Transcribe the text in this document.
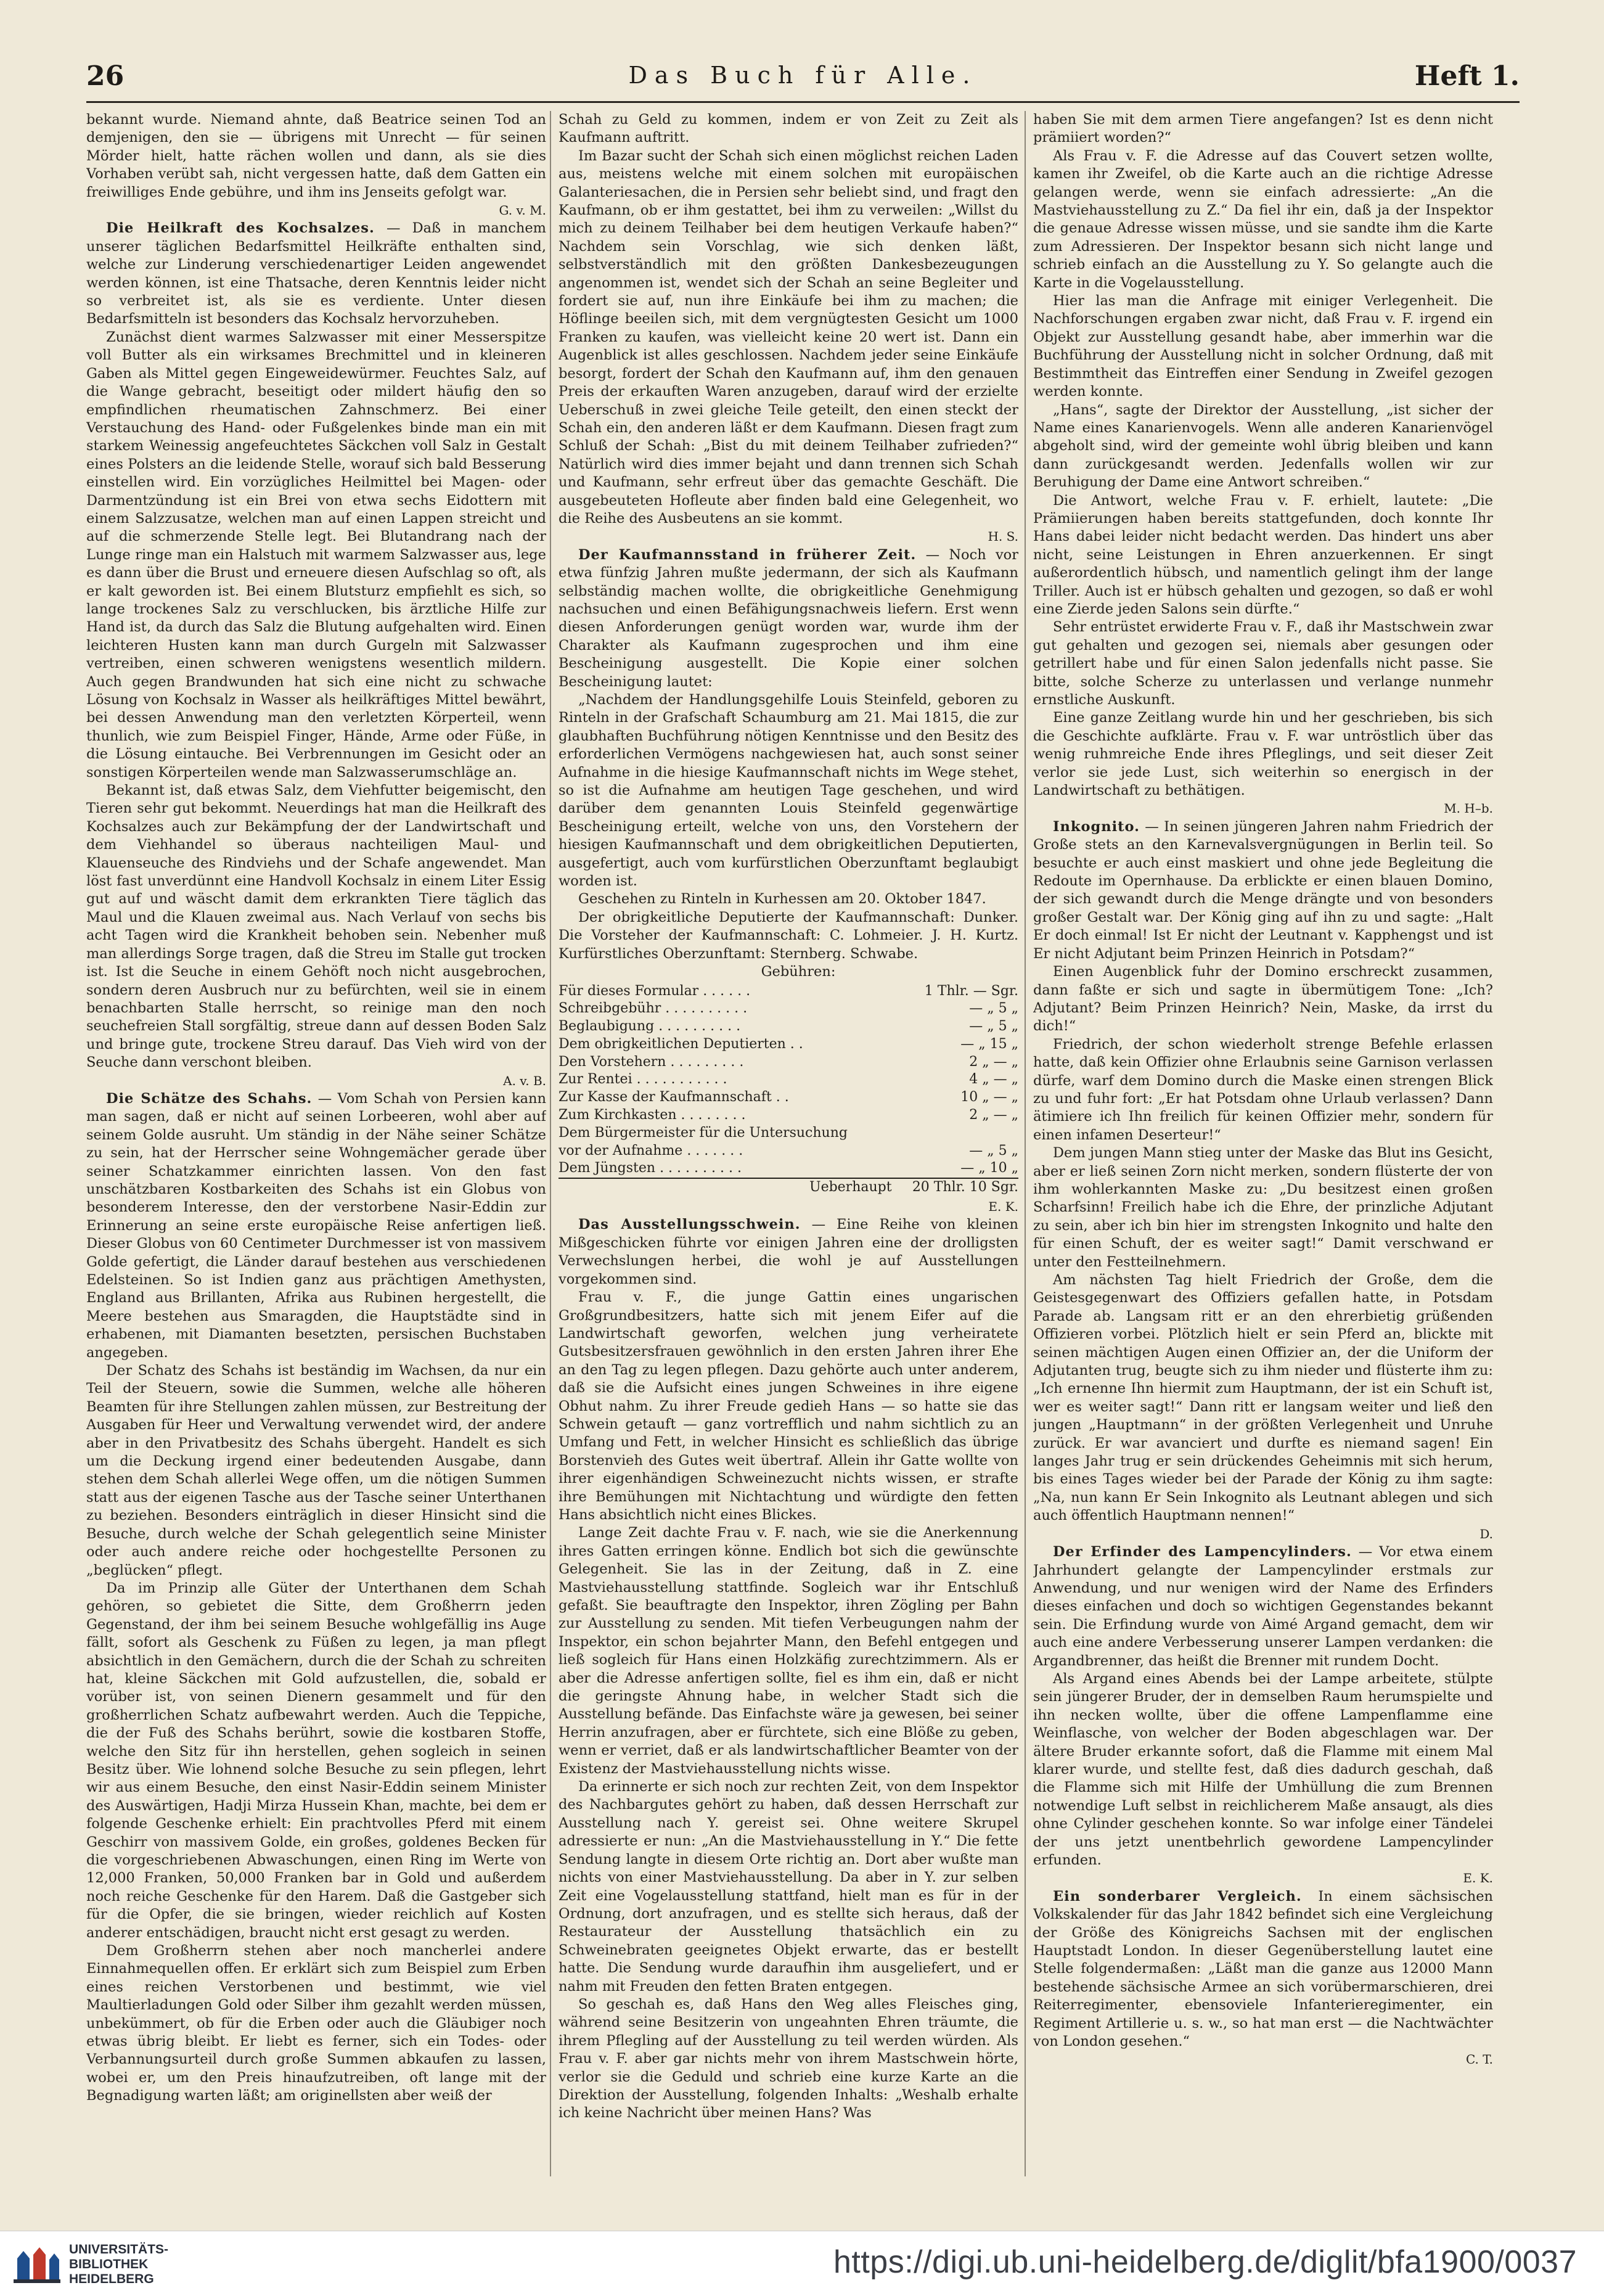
26	Das Buch für Alle.	Heft 1.

bekannt wurde. Niemand ahnte, daß Beatrice seinen Tod an demjenigen, den sie — übrigens mit Unrecht — für seinen Mörder hielt, hatte rächen wollen und dann, als sie dies Vorhaben verübt sah, nicht vergessen hatte, daß dem Gatten ein freiwilliges Ende gebühre, und ihm ins Jenseits gefolgt war.
G. v. M.

Die Heilkraft des Kochsalzes. — Daß in manchem unserer täglichen Bedarfsmittel Heilkräfte enthalten sind, welche zur Linderung verschiedenartiger Leiden angewendet werden können, ist eine Thatsache, deren Kenntnis leider nicht so verbreitet ist, als sie es verdiente. Unter diesen Bedarfsmitteln ist besonders das Kochsalz hervorzuheben.

Zunächst dient warmes Salzwasser mit einer Messerspitze voll Butter als ein wirksames Brechmittel und in kleineren Gaben als Mittel gegen Eingeweidewürmer. Feuchtes Salz, auf die Wange gebracht, beseitigt oder mildert häufig den so empfindlichen rheumatischen Zahnschmerz. Bei einer Verstauchung des Hand- oder Fußgelenkes binde man ein mit starkem Weinessig angefeuchtetes Säckchen voll Salz in Gestalt eines Polsters an die leidende Stelle, worauf sich bald Besserung einstellen wird. Ein vorzügliches Heilmittel bei Magen- oder Darmentzündung ist ein Brei von etwa sechs Eidottern mit einem Salzzusatze, welchen man auf einen Lappen streicht und auf die schmerzende Stelle legt. Bei Blutandrang nach der Lunge ringe man ein Halstuch mit warmem Salzwasser aus, lege es dann über die Brust und erneuere diesen Aufschlag so oft, als er kalt geworden ist. Bei einem Blutsturz empfiehlt es sich, so lange trockenes Salz zu verschlucken, bis ärztliche Hilfe zur Hand ist, da durch das Salz die Blutung aufgehalten wird. Einen leichteren Husten kann man durch Gurgeln mit Salzwasser vertreiben, einen schweren wenigstens wesentlich mildern. Auch gegen Brandwunden hat sich eine nicht zu schwache Lösung von Kochsalz in Wasser als heilkräftiges Mittel bewährt, bei dessen Anwendung man den verletzten Körperteil, wenn thunlich, wie zum Beispiel Finger, Hände, Arme oder Füße, in die Lösung eintauche. Bei Verbrennungen im Gesicht oder an sonstigen Körperteilen wende man Salzwasserumschläge an.

Bekannt ist, daß etwas Salz, dem Viehfutter beigemischt, den Tieren sehr gut bekommt. Neuerdings hat man die Heilkraft des Kochsalzes auch zur Bekämpfung der der Landwirtschaft und dem Viehhandel so überaus nachteiligen Maul- und Klauenseuche des Rindviehs und der Schafe angewendet. Man löst fast unverdünnt eine Handvoll Kochsalz in einem Liter Essig gut auf und wäscht damit dem erkrankten Tiere täglich das Maul und die Klauen zweimal aus. Nach Verlauf von sechs bis acht Tagen wird die Krankheit behoben sein. Nebenher muß man allerdings Sorge tragen, daß die Streu im Stalle gut trocken ist. Ist die Seuche in einem Gehöft noch nicht ausgebrochen, sondern deren Ausbruch nur zu befürchten, weil sie in einem benachbarten Stalle herrscht, so reinige man den noch seuchefreien Stall sorgfältig, streue dann auf dessen Boden Salz und bringe gute, trockene Streu darauf. Das Vieh wird von der Seuche dann verschont bleiben.
A. v. B.

Die Schätze des Schahs. — Vom Schah von Persien kann man sagen, daß er nicht auf seinen Lorbeeren, wohl aber auf seinem Golde ausruht. Um ständig in der Nähe seiner Schätze zu sein, hat der Herrscher seine Wohngemächer gerade über seiner Schatzkammer einrichten lassen. Von den fast unschätzbaren Kostbarkeiten des Schahs ist ein Globus von besonderem Interesse, den der verstorbene Nasir-Eddin zur Erinnerung an seine erste europäische Reise anfertigen ließ. Dieser Globus von 60 Centimeter Durchmesser ist von massivem Golde gefertigt, die Länder darauf bestehen aus verschiedenen Edelsteinen. So ist Indien ganz aus prächtigen Amethysten, England aus Brillanten, Afrika aus Rubinen hergestellt, die Meere bestehen aus Smaragden, die Hauptstädte sind in erhabenen, mit Diamanten besetzten, persischen Buchstaben angegeben.

Der Schatz des Schahs ist beständig im Wachsen, da nur ein Teil der Steuern, sowie die Summen, welche alle höheren Beamten für ihre Stellungen zahlen müssen, zur Bestreitung der Ausgaben für Heer und Verwaltung verwendet wird, der andere aber in den Privatbesitz des Schahs übergeht. Handelt es sich um die Deckung irgend einer bedeutenden Ausgabe, dann stehen dem Schah allerlei Wege offen, um die nötigen Summen statt aus der eigenen Tasche aus der Tasche seiner Unterthanen zu beziehen. Besonders einträglich in dieser Hinsicht sind die Besuche, durch welche der Schah gelegentlich seine Minister oder auch andere reiche oder hochgestellte Personen zu „beglücken“ pflegt.

Da im Prinzip alle Güter der Unterthanen dem Schah gehören, so gebietet die Sitte, dem Großherrn jeden Gegenstand, der ihm bei seinem Besuche wohlgefällig ins Auge fällt, sofort als Geschenk zu Füßen zu legen, ja man pflegt absichtlich in den Gemächern, durch die der Schah zu schreiten hat, kleine Säckchen mit Gold aufzustellen, die, sobald er vorüber ist, von seinen Dienern gesammelt und für den großherrlichen Schatz aufbewahrt werden. Auch die Teppiche, die der Fuß des Schahs berührt, sowie die kostbaren Stoffe, welche den Sitz für ihn herstellen, gehen sogleich in seinen Besitz über. Wie lohnend solche Besuche zu sein pflegen, lehrt wir aus einem Besuche, den einst Nasir-Eddin seinem Minister des Auswärtigen, Hadji Mirza Hussein Khan, machte, bei dem er folgende Geschenke erhielt: Ein prachtvolles Pferd mit einem Geschirr von massivem Golde, ein großes, goldenes Becken für die vorgeschriebenen Abwaschungen, einen Ring im Werte von 12,000 Franken, 50,000 Franken bar in Gold und außerdem noch reiche Geschenke für den Harem. Daß die Gastgeber sich für die Opfer, die sie bringen, wieder reichlich auf Kosten anderer entschädigen, braucht nicht erst gesagt zu werden.

Dem Großherrn stehen aber noch mancherlei andere Einnahmequellen offen. Er erklärt sich zum Beispiel zum Erben eines reichen Verstorbenen und bestimmt, wie viel Maultierladungen Gold oder Silber ihm gezahlt werden müssen, unbekümmert, ob für die Erben oder auch die Gläubiger noch etwas übrig bleibt. Er liebt es ferner, sich ein Todes- oder Verbannungsurteil durch große Summen abkaufen zu lassen, wobei er, um den Preis hinaufzutreiben, oft lange mit der Begnadigung warten läßt; am originellsten aber weiß der

Schah zu Geld zu kommen, indem er von Zeit zu Zeit als Kaufmann auftritt.

Im Bazar sucht der Schah sich einen möglichst reichen Laden aus, meistens welche mit einem solchen mit europäischen Galanteriesachen, die in Persien sehr beliebt sind, und fragt den Kaufmann, ob er ihm gestattet, bei ihm zu verweilen: „Willst du mich zu deinem Teilhaber bei dem heutigen Verkaufe haben?“ Nachdem sein Vorschlag, wie sich denken läßt, selbstverständlich mit den größten Dankesbezeugungen angenommen ist, wendet sich der Schah an seine Begleiter und fordert sie auf, nun ihre Einkäufe bei ihm zu machen; die Höflinge beeilen sich, mit dem vergnügtesten Gesicht um 1000 Franken zu kaufen, was vielleicht keine 20 wert ist. Dann ein Augenblick ist alles geschlossen. Nachdem jeder seine Einkäufe besorgt, fordert der Schah den Kaufmann auf, ihm den genauen Preis der erkauften Waren anzugeben, darauf wird der erzielte Ueberschuß in zwei gleiche Teile geteilt, den einen steckt der Schah ein, den anderen läßt er dem Kaufmann. Diesen fragt zum Schluß der Schah: „Bist du mit deinem Teilhaber zufrieden?“ Natürlich wird dies immer bejaht und dann trennen sich Schah und Kaufmann, sehr erfreut über das gemachte Geschäft. Die ausgebeuteten Hofleute aber finden bald eine Gelegenheit, wo die Reihe des Ausbeutens an sie kommt.
H. S.

Der Kaufmannsstand in früherer Zeit. — Noch vor etwa fünfzig Jahren mußte jedermann, der sich als Kaufmann selbständig machen wollte, die obrigkeitliche Genehmigung nachsuchen und einen Befähigungsnachweis liefern. Erst wenn diesen Anforderungen genügt worden war, wurde ihm der Charakter als Kaufmann zugesprochen und ihm eine Bescheinigung ausgestellt. Die Kopie einer solchen Bescheinigung lautet:

„Nachdem der Handlungsgehilfe Louis Steinfeld, geboren zu Rinteln in der Grafschaft Schaumburg am 21. Mai 1815, die zur glaubhaften Buchführung nötigen Kenntnisse und den Besitz des erforderlichen Vermögens nachgewiesen hat, auch sonst seiner Aufnahme in die hiesige Kaufmannschaft nichts im Wege stehet, so ist die Aufnahme am heutigen Tage geschehen, und wird darüber dem genannten Louis Steinfeld gegenwärtige Bescheinigung erteilt, welche von uns, den Vorstehern der hiesigen Kaufmannschaft und dem obrigkeitlichen Deputierten, ausgefertigt, auch vom kurfürstlichen Oberzunftamt beglaubigt worden ist.

Geschehen zu Rinteln in Kurhessen am 20. Oktober 1847.

Der obrigkeitliche Deputierte der Kaufmannschaft: Dunker. Die Vorsteher der Kaufmannschaft: C. Lohmeier. J. H. Kurtz. Kurfürstliches Oberzunftamt: Sternberg. Schwabe.

Gebühren:

Für dieses Formular . . . . . .	1 Thlr. — Sgr.
Schreibgebühr . . . . . . . . . .	— „ 5 „
Beglaubigung . . . . . . . . . .	— „ 5 „
Dem obrigkeitlichen Deputierten . .	— „ 15 „
Den Vorstehern . . . . . . . . .	2 „ — „
Zur Rentei . . . . . . . . . . .	4 „ — „
Zur Kasse der Kaufmannschaft . .	10 „ — „
Zum Kirchkasten . . . . . . . .	2 „ — „
Dem Bürgermeister für die Untersuchung	
vor der Aufnahme . . . . . . .	— „ 5 „
Dem Jüngsten . . . . . . . . . .	— „ 10 „
Ueberhaupt	20 Thlr. 10 Sgr.
E. K.

Das Ausstellungsschwein. — Eine Reihe von kleinen Mißgeschicken führte vor einigen Jahren eine der drolligsten Verwechslungen herbei, die wohl je auf Ausstellungen vorgekommen sind.

Frau v. F., die junge Gattin eines ungarischen Großgrundbesitzers, hatte sich mit jenem Eifer auf die Landwirtschaft geworfen, welchen jung verheiratete Gutsbesitzersfrauen gewöhnlich in den ersten Jahren ihrer Ehe an den Tag zu legen pflegen. Dazu gehörte auch unter anderem, daß sie die Aufsicht eines jungen Schweines in ihre eigene Obhut nahm. Zu ihrer Freude gedieh Hans — so hatte sie das Schwein getauft — ganz vortrefflich und nahm sichtlich zu an Umfang und Fett, in welcher Hinsicht es schließlich das übrige Borstenvieh des Gutes weit übertraf. Allein ihr Gatte wollte von ihrer eigenhändigen Schweinezucht nichts wissen, er strafte ihre Bemühungen mit Nichtachtung und würdigte den fetten Hans absichtlich nicht eines Blickes.

Lange Zeit dachte Frau v. F. nach, wie sie die Anerkennung ihres Gatten erringen könne. Endlich bot sich die gewünschte Gelegenheit. Sie las in der Zeitung, daß in Z. eine Mastviehausstellung stattfinde. Sogleich war ihr Entschluß gefaßt. Sie beauftragte den Inspektor, ihren Zögling per Bahn zur Ausstellung zu senden. Mit tiefen Verbeugungen nahm der Inspektor, ein schon bejahrter Mann, den Befehl entgegen und ließ sogleich für Hans einen Holzkäfig zurechtzimmern. Als er aber die Adresse anfertigen sollte, fiel es ihm ein, daß er nicht die geringste Ahnung habe, in welcher Stadt sich die Ausstellung befände. Das Einfachste wäre ja gewesen, bei seiner Herrin anzufragen, aber er fürchtete, sich eine Blöße zu geben, wenn er verriet, daß er als landwirtschaftlicher Beamter von der Existenz der Mastviehausstellung nichts wisse.

Da erinnerte er sich noch zur rechten Zeit, von dem Inspektor des Nachbargutes gehört zu haben, daß dessen Herrschaft zur Ausstellung nach Y. gereist sei. Ohne weitere Skrupel adressierte er nun: „An die Mastviehausstellung in Y.“ Die fette Sendung langte in diesem Orte richtig an. Dort aber wußte man nichts von einer Mastviehausstellung. Da aber in Y. zur selben Zeit eine Vogelausstellung stattfand, hielt man es für in der Ordnung, dort anzufragen, und es stellte sich heraus, daß der Restaurateur der Ausstellung thatsächlich ein zu Schweinebraten geeignetes Objekt erwarte, das er bestellt hatte. Die Sendung wurde daraufhin ihm ausgeliefert, und er nahm mit Freuden den fetten Braten entgegen.

So geschah es, daß Hans den Weg alles Fleisches ging, während seine Besitzerin von ungeahnten Ehren träumte, die ihrem Pflegling auf der Ausstellung zu teil werden würden. Als Frau v. F. aber gar nichts mehr von ihrem Mastschwein hörte, verlor sie die Geduld und schrieb eine kurze Karte an die Direktion der Ausstellung, folgenden Inhalts: „Weshalb erhalte ich keine Nachricht über meinen Hans? Was

haben Sie mit dem armen Tiere angefangen? Ist es denn nicht prämiiert worden?“

Als Frau v. F. die Adresse auf das Couvert setzen wollte, kamen ihr Zweifel, ob die Karte auch an die richtige Adresse gelangen werde, wenn sie einfach adressierte: „An die Mastviehausstellung zu Z.“ Da fiel ihr ein, daß ja der Inspektor die genaue Adresse wissen müsse, und sie sandte ihm die Karte zum Adressieren. Der Inspektor besann sich nicht lange und schrieb einfach an die Ausstellung zu Y. So gelangte auch die Karte in die Vogelausstellung.

Hier las man die Anfrage mit einiger Verlegenheit. Die Nachforschungen ergaben zwar nicht, daß Frau v. F. irgend ein Objekt zur Ausstellung gesandt habe, aber immerhin war die Buchführung der Ausstellung nicht in solcher Ordnung, daß mit Bestimmtheit das Eintreffen einer Sendung in Zweifel gezogen werden konnte.

„Hans“, sagte der Direktor der Ausstellung, „ist sicher der Name eines Kanarienvogels. Wenn alle anderen Kanarienvögel abgeholt sind, wird der gemeinte wohl übrig bleiben und kann dann zurückgesandt werden. Jedenfalls wollen wir zur Beruhigung der Dame eine Antwort schreiben.“

Die Antwort, welche Frau v. F. erhielt, lautete: „Die Prämiierungen haben bereits stattgefunden, doch konnte Ihr Hans dabei leider nicht bedacht werden. Das hindert uns aber nicht, seine Leistungen in Ehren anzuerkennen. Er singt außerordentlich hübsch, und namentlich gelingt ihm der lange Triller. Auch ist er hübsch gehalten und gezogen, so daß er wohl eine Zierde jeden Salons sein dürfte.“

Sehr entrüstet erwiderte Frau v. F., daß ihr Mastschwein zwar gut gehalten und gezogen sei, niemals aber gesungen oder getrillert habe und für einen Salon jedenfalls nicht passe. Sie bitte, solche Scherze zu unterlassen und verlange nunmehr ernstliche Auskunft.

Eine ganze Zeitlang wurde hin und her geschrieben, bis sich die Geschichte aufklärte. Frau v. F. war untröstlich über das wenig ruhmreiche Ende ihres Pfleglings, und seit dieser Zeit verlor sie jede Lust, sich weiterhin so energisch in der Landwirtschaft zu bethätigen.
M. H–b.

Inkognito. — In seinen jüngeren Jahren nahm Friedrich der Große stets an den Karnevalsvergnügungen in Berlin teil. So besuchte er auch einst maskiert und ohne jede Begleitung die Redoute im Opernhause. Da erblickte er einen blauen Domino, der sich gewandt durch die Menge drängte und von besonders großer Gestalt war. Der König ging auf ihn zu und sagte: „Halt Er doch einmal! Ist Er nicht der Leutnant v. Kapphengst und ist Er nicht Adjutant beim Prinzen Heinrich in Potsdam?“

Einen Augenblick fuhr der Domino erschreckt zusammen, dann faßte er sich und sagte in übermütigem Tone: „Ich? Adjutant? Beim Prinzen Heinrich? Nein, Maske, da irrst du dich!“

Friedrich, der schon wiederholt strenge Befehle erlassen hatte, daß kein Offizier ohne Erlaubnis seine Garnison verlassen dürfe, warf dem Domino durch die Maske einen strengen Blick zu und fuhr fort: „Er hat Potsdam ohne Urlaub verlassen? Dann ätimiere ich Ihn freilich für keinen Offizier mehr, sondern für einen infamen Deserteur!“

Dem jungen Mann stieg unter der Maske das Blut ins Gesicht, aber er ließ seinen Zorn nicht merken, sondern flüsterte der von ihm wohlerkannten Maske zu: „Du besitzest einen großen Scharfsinn! Freilich habe ich die Ehre, der prinzliche Adjutant zu sein, aber ich bin hier im strengsten Inkognito und halte den für einen Schuft, der es weiter sagt!“ Damit verschwand er unter den Festteilnehmern.

Am nächsten Tag hielt Friedrich der Große, dem die Geistesgegenwart des Offiziers gefallen hatte, in Potsdam Parade ab. Langsam ritt er an den ehrerbietig grüßenden Offizieren vorbei. Plötzlich hielt er sein Pferd an, blickte mit seinen mächtigen Augen einen Offizier an, der die Uniform der Adjutanten trug, beugte sich zu ihm nieder und flüsterte ihm zu: „Ich ernenne Ihn hiermit zum Hauptmann, der ist ein Schuft ist, wer es weiter sagt!“ Dann ritt er langsam weiter und ließ den jungen „Hauptmann“ in der größten Verlegenheit und Unruhe zurück. Er war avanciert und durfte es niemand sagen! Ein langes Jahr trug er sein drückendes Geheimnis mit sich herum, bis eines Tages wieder bei der Parade der König zu ihm sagte: „Na, nun kann Er Sein Inkognito als Leutnant ablegen und sich auch öffentlich Hauptmann nennen!“
D.

Der Erfinder des Lampencylinders. — Vor etwa einem Jahrhundert gelangte der Lampencylinder erstmals zur Anwendung, und nur wenigen wird der Name des Erfinders dieses einfachen und doch so wichtigen Gegenstandes bekannt sein. Die Erfindung wurde von Aimé Argand gemacht, dem wir auch eine andere Verbesserung unserer Lampen verdanken: die Argandbrenner, das heißt die Brenner mit rundem Docht.

Als Argand eines Abends bei der Lampe arbeitete, stülpte sein jüngerer Bruder, der in demselben Raum herumspielte und ihn necken wollte, über die offene Lampenflamme eine Weinflasche, von welcher der Boden abgeschlagen war. Der ältere Bruder erkannte sofort, daß die Flamme mit einem Mal klarer wurde, und stellte fest, daß dies dadurch geschah, daß die Flamme sich mit Hilfe der Umhüllung die zum Brennen notwendige Luft selbst in reichlicherem Maße ansaugt, als dies ohne Cylinder geschehen konnte. So war infolge einer Tändelei der uns jetzt unentbehrlich gewordene Lampencylinder erfunden.
E. K.

Ein sonderbarer Vergleich. In einem sächsischen Volkskalender für das Jahr 1842 befindet sich eine Vergleichung der Größe des Königreichs Sachsen mit der englischen Hauptstadt London. In dieser Gegenüberstellung lautet eine Stelle folgendermaßen: „Läßt man die ganze aus 12000 Mann bestehende sächsische Armee an sich vorübermarschieren, drei Reiterregimenter, ebensoviele Infanterieregimenter, ein Regiment Artillerie u. s. w., so hat man erst — die Nachtwächter von London gesehen.“
C. T.

UNIVERSITÄTS-
BIBLIOTHEK
HEIDELBERG	https://digi.ub.uni-heidelberg.de/diglit/bfa1900/0037
